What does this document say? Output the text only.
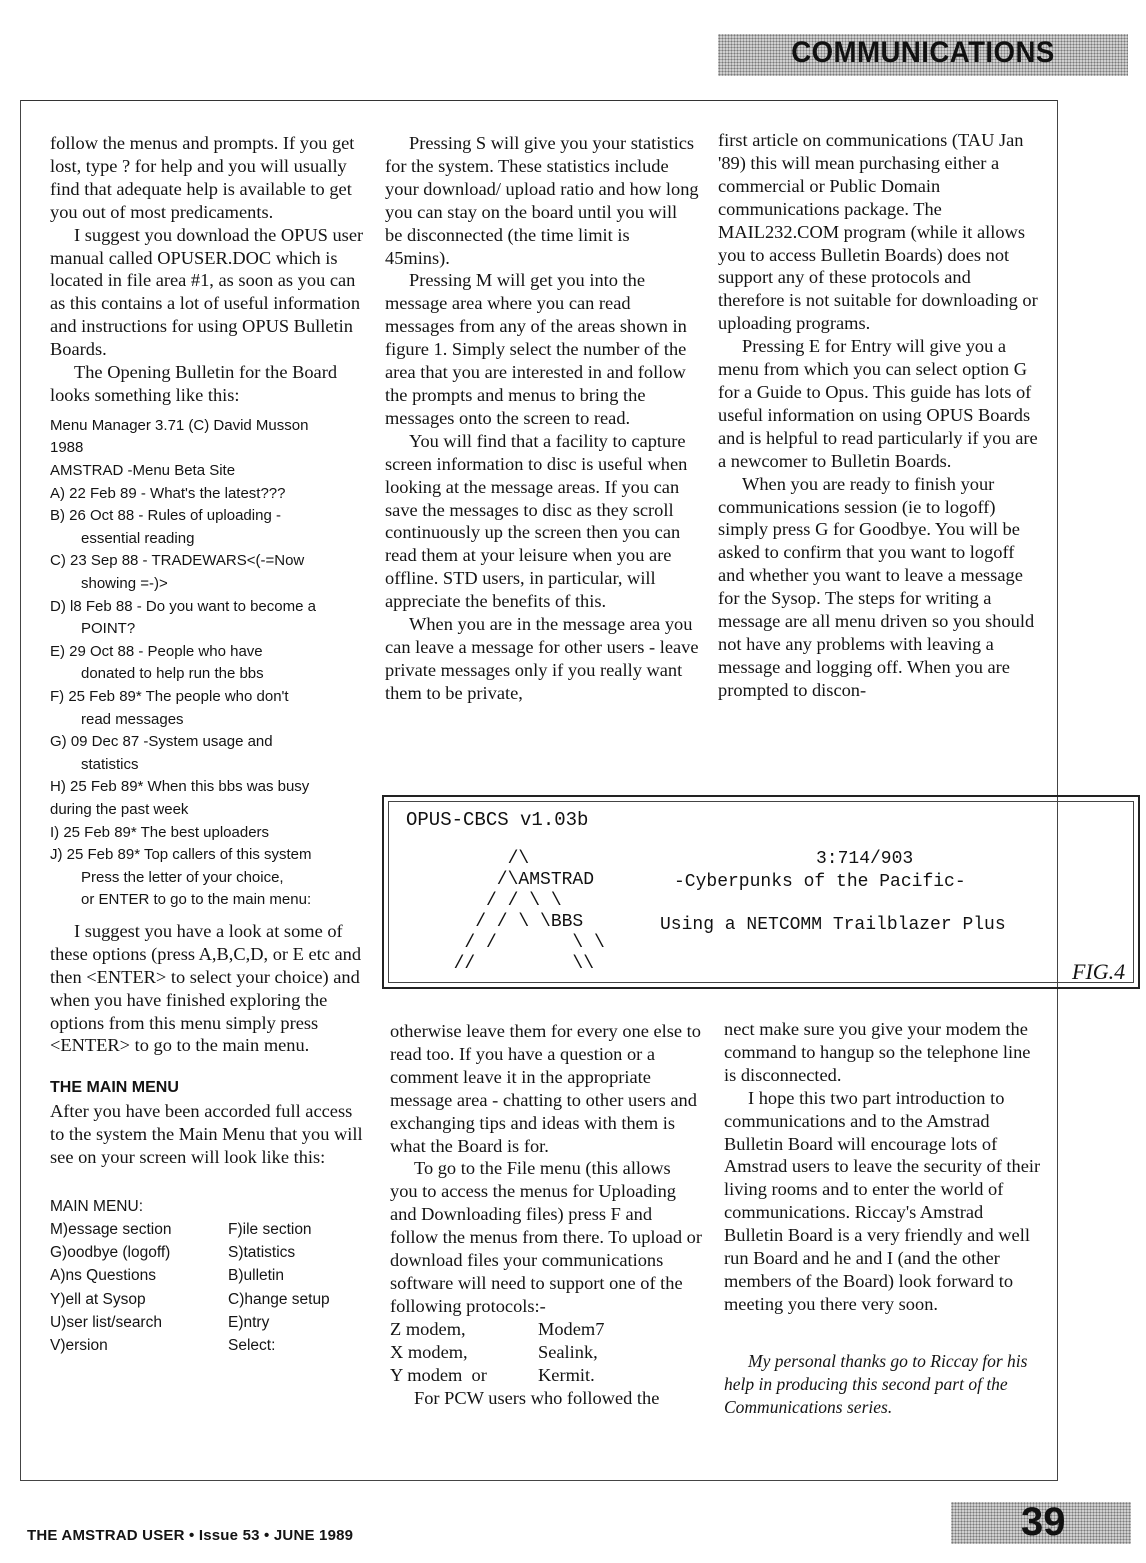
COMMUNICATIONS

follow the menus and prompts. If you get lost, type ? for help and you will usually find that adequate help is available to get you out of most predicaments.

I suggest you download the OPUS user manual called OPUSER.DOC which is located in file area #1, as soon as you can as this contains a lot of useful information and instructions for using OPUS Bulletin Boards.

The Opening Bulletin for the Board looks something like this:

Menu Manager 3.71 (C) David Musson
1988
AMSTRAD -Menu Beta Site
A) 22 Feb 89 - What's the latest???
B) 26 Oct 88 - Rules of uploading -
essential reading
C) 23 Sep 88 - TRADEWARS<(-=Now
showing =-)>
D) l8 Feb 88 - Do you want to become a
POINT?
E) 29 Oct 88 - People who have
donated to help run the bbs
F) 25 Feb 89* The people who don't
read messages
G) 09 Dec 87 -System usage and
statistics
H) 25 Feb 89* When this bbs was busy
during the past week
I) 25 Feb 89* The best uploaders
J) 25 Feb 89* Top callers of this system
Press the letter of your choice,
or ENTER to go to the main menu:

I suggest you have a look at some of these options (press A,B,C,D, or E etc and then <ENTER> to select your choice) and when you have finished exploring the options from this menu simply press <ENTER> to go to the main menu.

THE MAIN MENU

After you have been accorded full access to the system the Main Menu that you will see on your screen will look like this:

MAIN MENU:
M)essage section	F)ile section
G)oodbye (logoff)	S)tatistics
A)ns Questions	B)ulletin
Y)ell at Sysop	C)hange setup
U)ser list/search	E)ntry
V)ersion	Select:

Pressing S will give you your statistics for the system. These statistics include your download/ upload ratio and how long you can stay on the board until you will be disconnected (the time limit is 45mins).

Pressing M will get you into the message area where you can read messages from any of the areas shown in figure 1. Simply select the number of the area that you are interested in and follow the prompts and menus to bring the messages onto the screen to read.

You will find that a facility to capture screen information to disc is useful when looking at the message areas. If you can save the messages to disc as they scroll continuously up the screen then you can read them at your leisure when you are offline. STD users, in particular, will appreciate the benefits of this.

When you are in the message area you can leave a message for other users - leave private messages only if you really want them to be private,

first article on communications (TAU Jan '89) this will mean purchasing either a commercial or Public Domain communications package. The MAIL232.COM program (while it allows you to access Bulletin Boards) does not support any of these protocols and therefore is not suitable for downloading or uploading programs.

Pressing E for Entry will give you a menu from which you can select option G for a Guide to Opus. This guide has lots of useful information on using OPUS Boards and is helpful to read particularly if you are a newcomer to Bulletin Boards.

When you are ready to finish your communications session (ie to logoff) simply press G for Goodbye. You will be asked to confirm that you want to logoff and whether you want to leave a message for the Sysop. The steps for writing a message are all menu driven so you should not have any problems with leaving a message and logging off. When you are prompted to discon-

OPUS-CBCS v1.03b
3:714/903
-Cyberpunks of the Pacific-
Using a NETCOMM Trailblazer Plus
/\
/\AMSTRAD
/ / \ \
/ / \ \BBS
/ /       \ \
//         \\	FIG.4

otherwise leave them for every one else to read too. If you have a question or a comment leave it in the appropriate message area - chatting to other users and exchanging tips and ideas with them is what the Board is for.

To go to the File menu (this allows you to access the menus for Uploading and Downloading files) press F and follow the menus from there. To upload or download files your communications software will need to support one of the following protocols:-

Z modem,	Modem7
X modem,	Sealink,
Y modem  or	Kermit.

For PCW users who followed the

nect make sure you give your modem the command to hangup so the telephone line is disconnected.

I hope this two part introduction to communications and to the Amstrad Bulletin Board will encourage lots of Amstrad users to leave the security of their living rooms and to enter the world of communications. Riccay's Amstrad Bulletin Board is a very friendly and well run Board and he and I (and the other members of the Board) look forward to meeting you there very soon.

My personal thanks go to Riccay for his help in producing this second part of the Communications series.

THE AMSTRAD USER • Issue 53 • JUNE 1989	39
